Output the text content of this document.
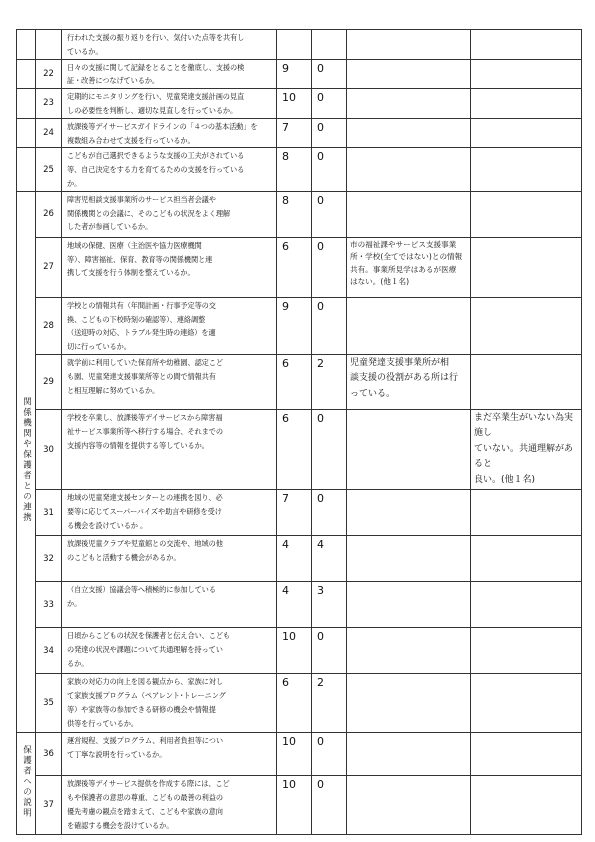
		行われた支援の振り返りを行い、気付いた点等を共有し
ているか。				
	22	日々の支援に関して記録をとることを徹底し、支援の検
証・改善につなげているか。	9	0		
	23	定期的にモニタリングを行い、児童発達支援計画の見直
しの必要性を判断し、適切な見直しを行っているか。	10	0		
	24	放課後等デイサービスガイドラインの「４つの基本活動」を
複数組み合わせて支援を行っているか。	7	0		
	25	こどもが自己選択できるような支援の工夫がされている
等、自己決定をする力を育てるための支援を行っている
か。	8	0		
関係機関や保護者との連携	26	障害児相談支援事業所のサービス担当者会議や
関係機関との会議に、そのこどもの状況をよく理解
した者が参画しているか。	8	0		
	27	地域の保健、医療（主治医や協力医療機関
等）、障害福祉、保育、教育等の関係機関と連
携して支援を行う体制を整えているか。	6	0	市の福祉課やサービス支援事業
所・学校(全てではない)との情報
共有。事業所見学はあるが医療
はない。(他１名)	
	28	学校との情報共有（年間計画・行事予定等の交
換、こどもの下校時刻の確認等）、連絡調整
（送迎時の対応、トラブル発生時の連絡）を適
切に行っているか。	9	0		
	29	就学前に利用していた保育所や幼稚園、認定こど
も園、児童発達支援事業所等との間で情報共有
と相互理解に努めているか。	6	2	児童発達支援事業所が相
談支援の役割がある所は行
っている。	
	30	学校を卒業し、放課後等デイサービスから障害福
祉サービス事業所等へ移行する場合、それまでの
支援内容等の情報を提供する等しているか。	6	0		まだ卒業生がいない為実施し
ていない。共通理解があると
良い。(他１名)
	31	地域の児童発達支援センターとの連携を図り、必
要等に応じてスーパーバイズや助言や研修を受け
る機会を設けているか 。	7	0		
	32	放課後児童クラブや児童館との交流や、地域の他
のこどもと活動する機会があるか。	4	4		
	33	（自立支援）協議会等へ積極的に参加している
か。	4	3		
	34	日頃からこどもの状況を保護者と伝え合い、こども
の発達の状況や課題について共通理解を持ってい
るか。	10	0		
	35	家族の対応力の向上を図る観点から、家族に対し
て家族支援プログラム（ペアレント･トレーニング
等）や家族等の参加できる研修の機会や情報提
供等を行っているか。	6	2		
保護者への説明	36	運営規程、支援プログラム、利用者負担等につい
て丁寧な説明を行っているか。	10	0		
	37	放課後等デイサービス提供を作成する際には、こど
もや保護者の意思の尊重、こどもの最善の利益の
優先考慮の観点を踏まえて、こどもや家族の意向
を確認する機会を設けているか。	10	0		
